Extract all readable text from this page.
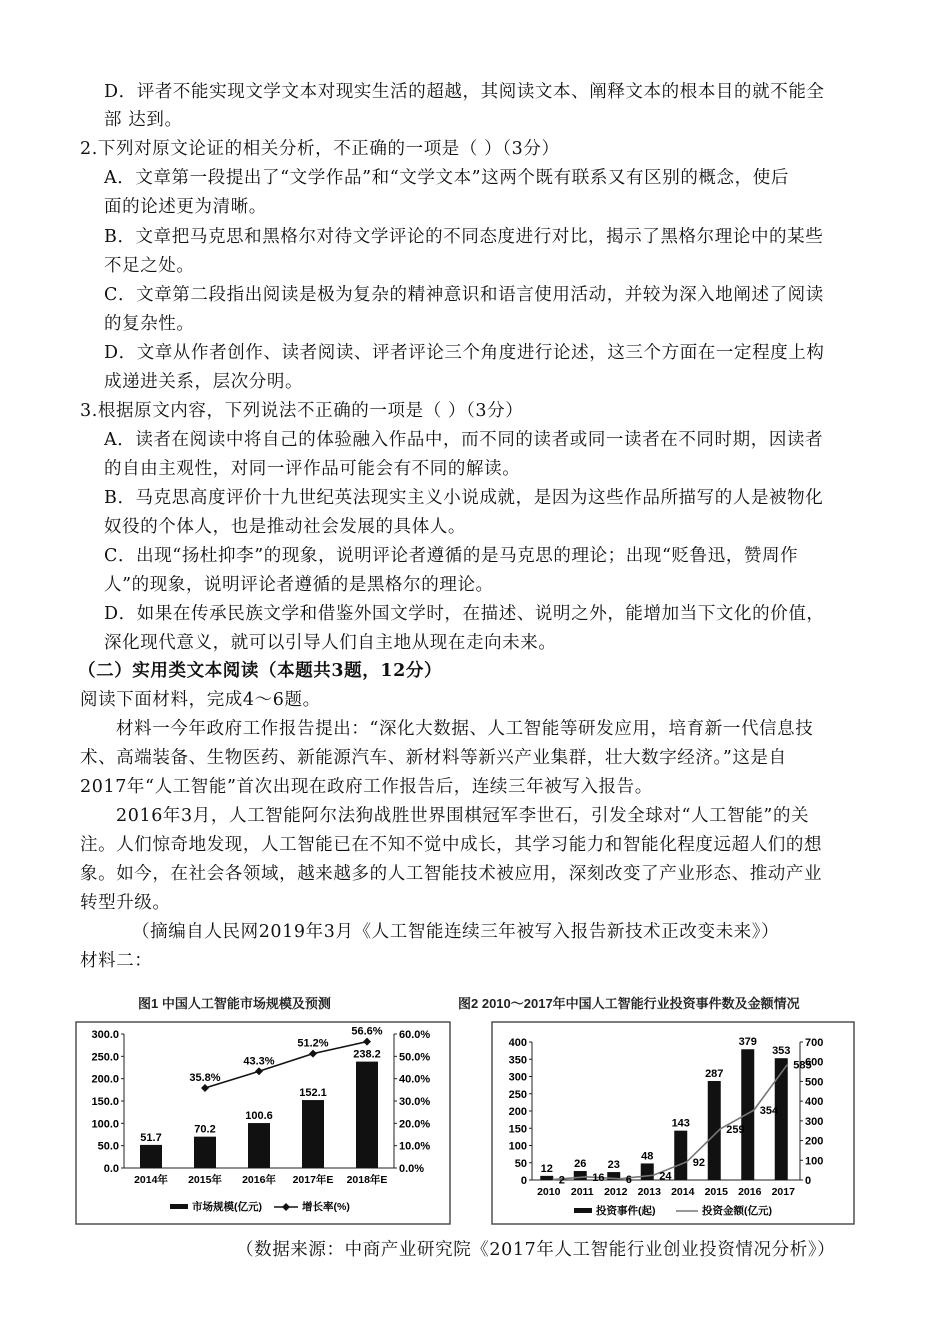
D．评者不能实现文学文本对现实生活的超越，其阅读文本、阐释文本的根本目的就不能全
部 达到。
2.下列对原文论证的相关分析，不正确的一项是（ ）（3分）
A．文章第一段提出了“文学作品”和“文学文本”这两个既有联系又有区别的概念，使后
面的论述更为清晰。
B．文章把马克思和黑格尔对待文学评论的不同态度进行对比，揭示了黑格尔理论中的某些
不足之处。
C．文章第二段指出阅读是极为复杂的精神意识和语言使用活动，并较为深入地阐述了阅读
的复杂性。
D．文章从作者创作、读者阅读、评者评论三个角度进行论述，这三个方面在一定程度上构
成递进关系，层次分明。
3.根据原文内容，下列说法不正确的一项是（ ）（3分）
A．读者在阅读中将自己的体验融入作品中，而不同的读者或同一读者在不同时期，因读者
的自由主观性，对同一评作品可能会有不同的解读。
B．马克思高度评价十九世纪英法现实主义小说成就，是因为这些作品所描写的人是被物化
奴役的个体人，也是推动社会发展的具体人。
C．出现“扬杜抑李”的现象，说明评论者遵循的是马克思的理论；出现“贬鲁迅，赞周作
人”的现象，说明评论者遵循的是黑格尔的理论。
D．如果在传承民族文学和借鉴外国文学时，在描述、说明之外，能增加当下文化的价值，
深化现代意义，就可以引导人们自主地从现在走向未来。
（二）实用类文本阅读（本题共3题，12分）
阅读下面材料，完成4～6题。
材料一今年政府工作报告提出：“深化大数据、人工智能等研发应用，培育新一代信息技
术、高端装备、生物医药、新能源汽车、新材料等新兴产业集群，壮大数字经济。”这是自
2017年“人工智能”首次出现在政府工作报告后，连续三年被写入报告。
2016年3月，人工智能阿尔法狗战胜世界围棋冠军李世石，引发全球对“人工智能”的关
注。人们惊奇地发现，人工智能已在不知不觉中成长，其学习能力和智能化程度远超人们的想
象。如今，在社会各领域，越来越多的人工智能技术被应用，深刻改变了产业形态、推动产业
转型升级。
（摘编自人民网2019年3月《人工智能连续三年被写入报告新技术正改变未来》）
材料二：
图1 中国人工智能市场规模及预测
300.0
250.0
200.0
150.0
100.0
50.0
0.0
60.0%
50.0%
40.0%
30.0%
20.0%
10.0%
0.0%
51.7
2014年
70.2
2015年
100.6
2016年
152.1
2017年E
238.2
2018年E
35.8%
43.3%
51.2%
56.6%
市场规模(亿元)	增长率(%)
图2 2010～2017年中国人工智能行业投资事件数及金额情况
400
350
300
250
200
150
100
50
0
700
600
500
400
300
200
100
0
12
2010
26
2011
23
2012
48
2013
143
2014
287
2015
379
2016
353
2017
2 16 6 24
92
259
354
585
投资事件(起)	投资金额(亿元)
（数据来源：中商产业研究院《2017年人工智能行业创业投资情况分析》）
